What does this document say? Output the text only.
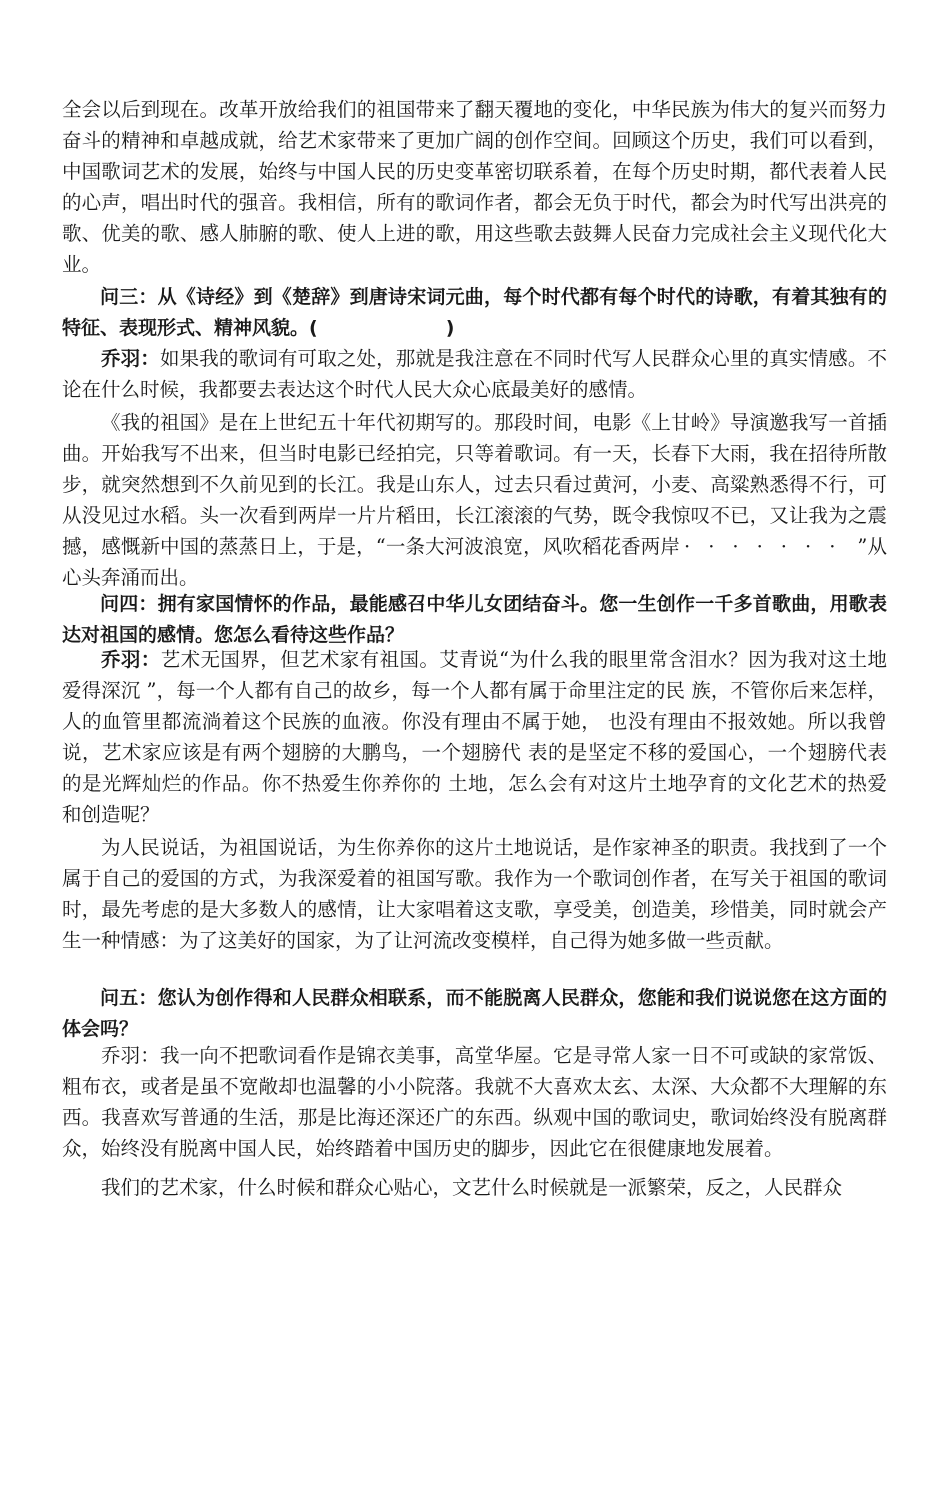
全会以后到现在。改革开放给我们的祖国带来了翻天覆地的变化，中华民族为伟大的复兴而努力奋斗的精神和卓越成就，给艺术家带来了更加广阔的创作空间。回顾这个历史，我们可以看到，中国歌词艺术的发展，始终与中国人民的历史变革密切联系着，在每个历史时期，都代表着人民的心声，唱出时代的强音。我相信，所有的歌词作者，都会无负于时代，都会为时代写出洪亮的歌、优美的歌、感人肺腑的歌、使人上进的歌，用这些歌去鼓舞人民奋力完成社会主义现代化大业。

问三：从《诗经》到《楚辞》到唐诗宋词元曲，每个时代都有每个时代的诗歌，有着其独有的特征、表现形式、精神风貌。(	)

乔羽：如果我的歌词有可取之处，那就是我注意在不同时代写人民群众心里的真实情感。不论在什么时候，我都要去表达这个时代人民大众心底最美好的感情。

《我的祖国》是在上世纪五十年代初期写的。那段时间，电影《上甘岭》导演邀我写一首插曲。开始我写不出来，但当时电影已经拍完，只等着歌词。有一天，长春下大雨，我在招待所散步，就突然想到不久前见到的长江。我是山东人，过去只看过黄河，小麦、高粱熟悉得不行，可从没见过水稻。头一次看到两岸一片片稻田，长江滚滚的气势，既令我惊叹不已，又让我为之震撼，感慨新中国的蒸蒸日上，于是，“一条大河波浪宽，风吹稻花香两岸 ······· ”从心头奔涌而出。

问四：拥有家国情怀的作品，最能感召中华儿女团结奋斗。您一生创作一千多首歌曲，用歌表达对祖国的感情。您怎么看待这些作品？

乔羽：艺术无国界，但艺术家有祖国。艾青说“为什么我的眼里常含泪水？因为我对这土地爱得深沉 ”，每一个人都有自己的故乡，每一个人都有属于命里注定的民 族，不管你后来怎样，人的血管里都流淌着这个民族的血液。你没有理由不属于她， 也没有理由不报效她。所以我曾说，艺术家应该是有两个翅膀的大鹏鸟，一个翅膀代 表的是坚定不移的爱国心，一个翅膀代表的是光辉灿烂的作品。你不热爱生你养你的 土地，怎么会有对这片土地孕育的文化艺术的热爱和创造呢？

为人民说话，为祖国说话，为生你养你的这片土地说话，是作家神圣的职责。我找到了一个属于自己的爱国的方式，为我深爱着的祖国写歌。我作为一个歌词创作者，在写关于祖国的歌词时，最先考虑的是大多数人的感情，让大家唱着这支歌，享受美，创造美，珍惜美，同时就会产生一种情感：为了这美好的国家，为了让河流改变模样，自己得为她多做一些贡献。

问五：您认为创作得和人民群众相联系，而不能脱离人民群众，您能和我们说说您在这方面的体会吗？

乔羽：我一向不把歌词看作是锦衣美事，高堂华屋。它是寻常人家一日不可或缺的家常饭、粗布衣，或者是虽不宽敞却也温馨的小小院落。我就不大喜欢太玄、太深、大众都不大理解的东西。我喜欢写普通的生活，那是比海还深还广的东西。纵观中国的歌词史，歌词始终没有脱离群众，始终没有脱离中国人民，始终踏着中国历史的脚步，因此它在很健康地发展着。

我们的艺术家，什么时候和群众心贴心，文艺什么时候就是一派繁荣，反之，人民群众
